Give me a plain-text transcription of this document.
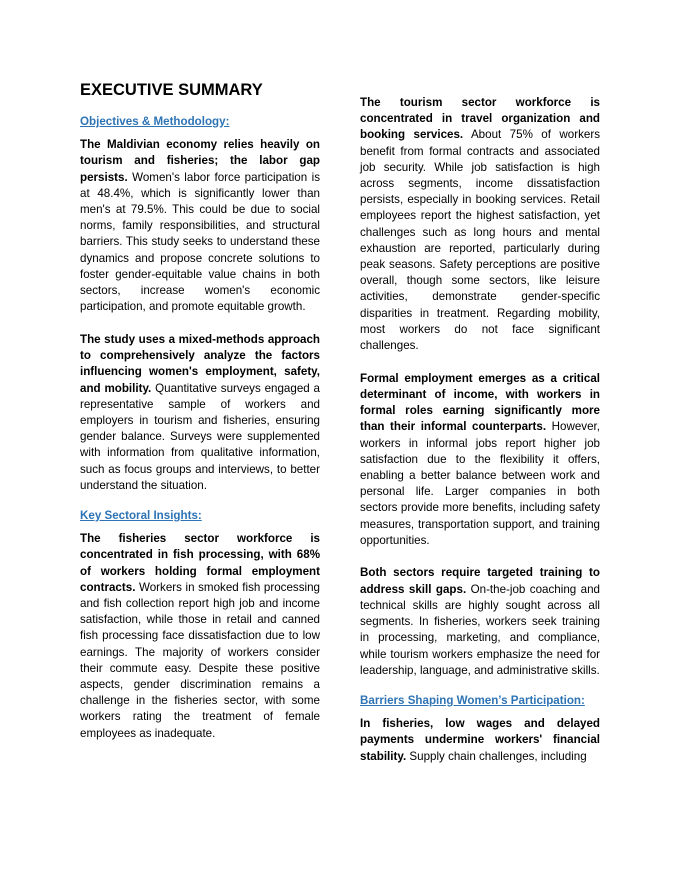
EXECUTIVE SUMMARY
Objectives & Methodology:

The Maldivian economy relies heavily on tourism and fisheries; the labor gap persists. Women's labor force participation is at 48.4%, which is significantly lower than men's at 79.5%. This could be due to social norms, family responsibilities, and structural barriers. This study seeks to understand these dynamics and propose concrete solutions to foster gender-equitable value chains in both sectors, increase women's economic participation, and promote equitable growth.

The study uses a mixed-methods approach to comprehensively analyze the factors influencing women's employment, safety, and mobility. Quantitative surveys engaged a representative sample of workers and employers in tourism and fisheries, ensuring gender balance. Surveys were supplemented with information from qualitative information, such as focus groups and interviews, to better understand the situation.

Key Sectoral Insights:

The fisheries sector workforce is concentrated in fish processing, with 68% of workers holding formal employment contracts. Workers in smoked fish processing and fish collection report high job and income satisfaction, while those in retail and canned fish processing face dissatisfaction due to low earnings. The majority of workers consider their commute easy. Despite these positive aspects, gender discrimination remains a challenge in the fisheries sector, with some workers rating the treatment of female employees as inadequate.

The tourism sector workforce is concentrated in travel organization and booking services. About 75% of workers benefit from formal contracts and associated job security. While job satisfaction is high across segments, income dissatisfaction persists, especially in booking services. Retail employees report the highest satisfaction, yet challenges such as long hours and mental exhaustion are reported, particularly during peak seasons. Safety perceptions are positive overall, though some sectors, like leisure activities, demonstrate gender-specific disparities in treatment. Regarding mobility, most workers do not face significant challenges.

Formal employment emerges as a critical determinant of income, with workers in formal roles earning significantly more than their informal counterparts. However, workers in informal jobs report higher job satisfaction due to the flexibility it offers, enabling a better balance between work and personal life. Larger companies in both sectors provide more benefits, including safety measures, transportation support, and training opportunities.

Both sectors require targeted training to address skill gaps. On-the-job coaching and technical skills are highly sought across all segments. In fisheries, workers seek training in processing, marketing, and compliance, while tourism workers emphasize the need for leadership, language, and administrative skills.

Barriers Shaping Women’s Participation:

In fisheries, low wages and delayed payments undermine workers' financial stability. Supply chain challenges, including
